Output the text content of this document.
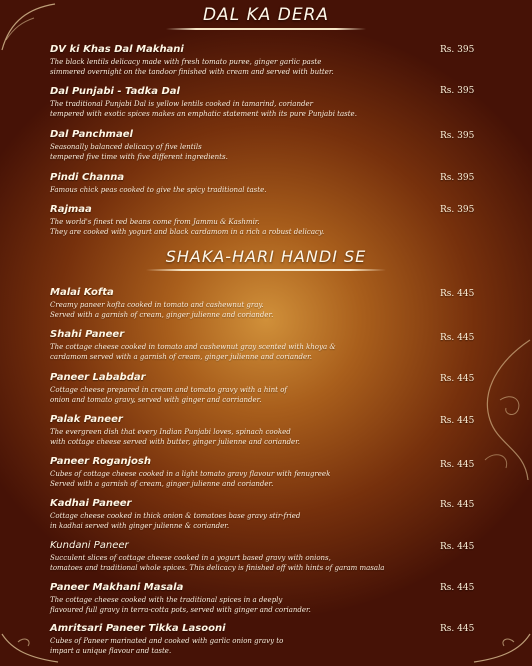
DAL KA DERA
DV ki Khas Dal Makhani
The black lentils delicacy made with fresh tomato puree, ginger garlic paste
simmered overnight on the tandoor finished with cream and served with butter.
Rs. 395
Dal Punjabi - Tadka Dal
The traditional Punjabi Dal is yellow lentils cooked in tamarind, coriander
tempered with exotic spices makes an emphatic statement with its pure Punjabi taste.
Rs. 395
Dal Panchmael
Seasonally balanced delicacy of five lentils
tempered five time with five different ingredients.
Rs. 395
Pindi Channa
Famous chick peas cooked to give the spicy traditional taste.
Rs. 395
Rajmaa
The world's finest red beans come from Jammu & Kashmir.
They are cooked with yogurt and black cardamom in a rich a robust delicacy.
Rs. 395
SHAKA-HARI HANDI SE
Malai Kofta
Creamy paneer kofta cooked in tomato and cashewnut gray.
Served with a garnish of cream, ginger julienne and coriander.
Rs. 445
Shahi Paneer
The cottage cheese cooked in tomato and cashewnut gray scented with khoya &
cardamom served with a garnish of cream, ginger julienne and coriander.
Rs. 445
Paneer Lababdar
Cottage cheese prepared in cream and tomato gravy with a hint of
onion and tomato gravy, served with ginger and corriander.
Rs. 445
Palak Paneer
The evergreen dish that every Indian Punjabi loves, spinach cooked
with cottage cheese served with butter, ginger julienne and coriander.
Rs. 445
Paneer Roganjosh
Cubes of cottage cheese cooked in a light tomato gravy flavour with fenugreek
Served with a garnish of cream, ginger julienne and coriander.
Rs. 445
Kadhai Paneer
Cottage cheese cooked in thick onion & tomatoes base gravy stir-fried
in kadhai served with ginger julienne & coriander.
Rs. 445
Kundani Paneer
Succulent slices of cottage cheese cooked in a yogurt based gravy with onions,
tomatoes and traditional whole spices. This delicacy is finished off with hints of garam masala
Rs. 445
Paneer Makhani Masala
The cottage cheese cooked with the traditional spices in a deeply
flavoured full gravy in terra-cotta pots, served with ginger and coriander.
Rs. 445
Amritsari Paneer Tikka Lasooni
Cubes of Paneer marinated and cooked with garlic onion gravy to
impart a unique flavour and taste.
Rs. 445
